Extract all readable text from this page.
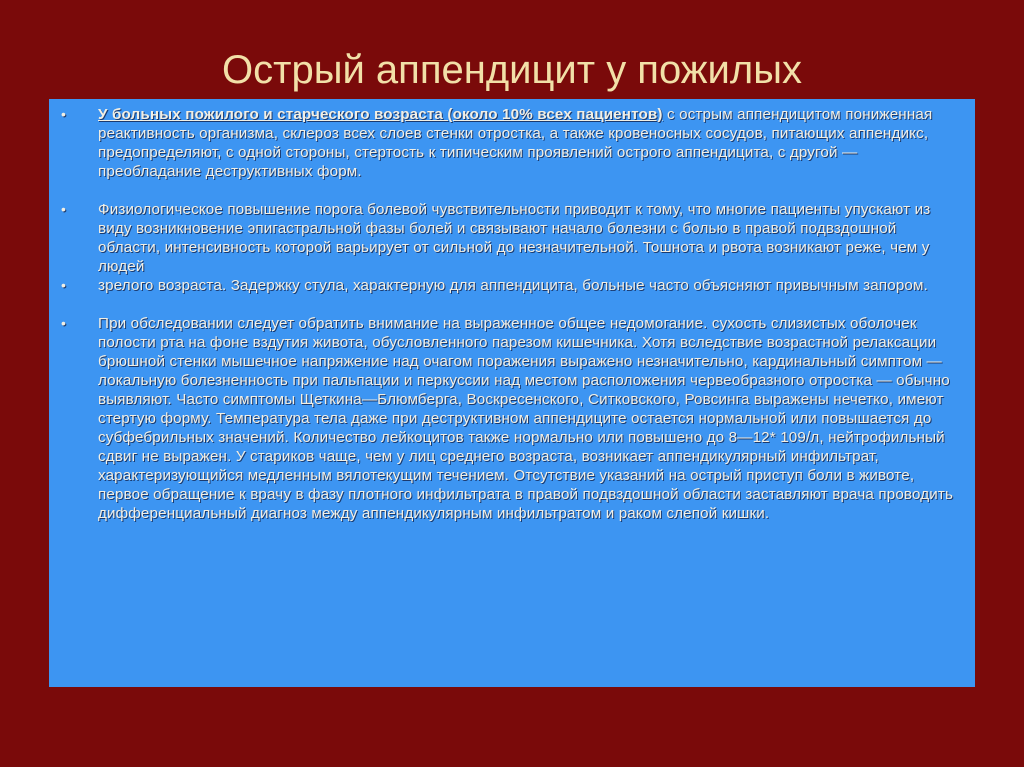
Острый аппендицит у пожилых
• У больных пожилого и старческого возраста (около 10% всех пациентов) с острым аппендицитом пониженная реактивность организма, склероз всех слоев стенки отростка, а также кровеносных сосудов, питающих аппендикс, предопределяют, с одной стороны, стертость к типическим проявлений острого аппендицита, с другой — преобладание деструктивных форм.
• Физиологическое повышение порога болевой чувствительности приводит к тому, что многие пациенты упускают из виду возникновение эпигастральной фазы болей и связывают начало болезни с болью в правой подвздошной области, интенсивность которой варьирует от сильной до незначительной. Тошнота и рвота возникают реже, чем у людей
• зрелого возраста. Задержку стула, характерную для аппендицита, больные часто объясняют привычным запором.
• При обследовании следует обратить внимание на выраженное общее недомогание. сухость слизистых оболочек полости рта на фоне вздутия живота, обусловленного парезом кишечника. Хотя вследствие возрастной релаксации брюшной стенки мышечное напряжение над очагом поражения выражено незначительно, кардинальный симптом — локальную болезненность при пальпации и перкуссии над местом расположения червеобразного отростка — обычно выявляют. Часто симптомы Щеткина—Блюмберга, Воскресенского, Ситковского, Ровсинга выражены нечетко, имеют стертую форму. Температура тела даже при деструктивном аппендиците остается нормальной или повышается до субфебрильных значений. Количество лейкоцитов также нормально или повышено до 8—12* 109/л, нейтрофильный сдвиг не выражен. У стариков чаще, чем у лиц среднего возраста, возникает аппендикулярный инфильтрат, характеризующийся медленным вялотекущим течением. Отсутствие указаний на острый приступ боли в животе, первое обращение к врачу в фазу плотного инфильтрата в правой подвздошной области заставляют врача проводить дифференциальный диагноз между аппендикулярным инфильтратом и раком слепой кишки.
